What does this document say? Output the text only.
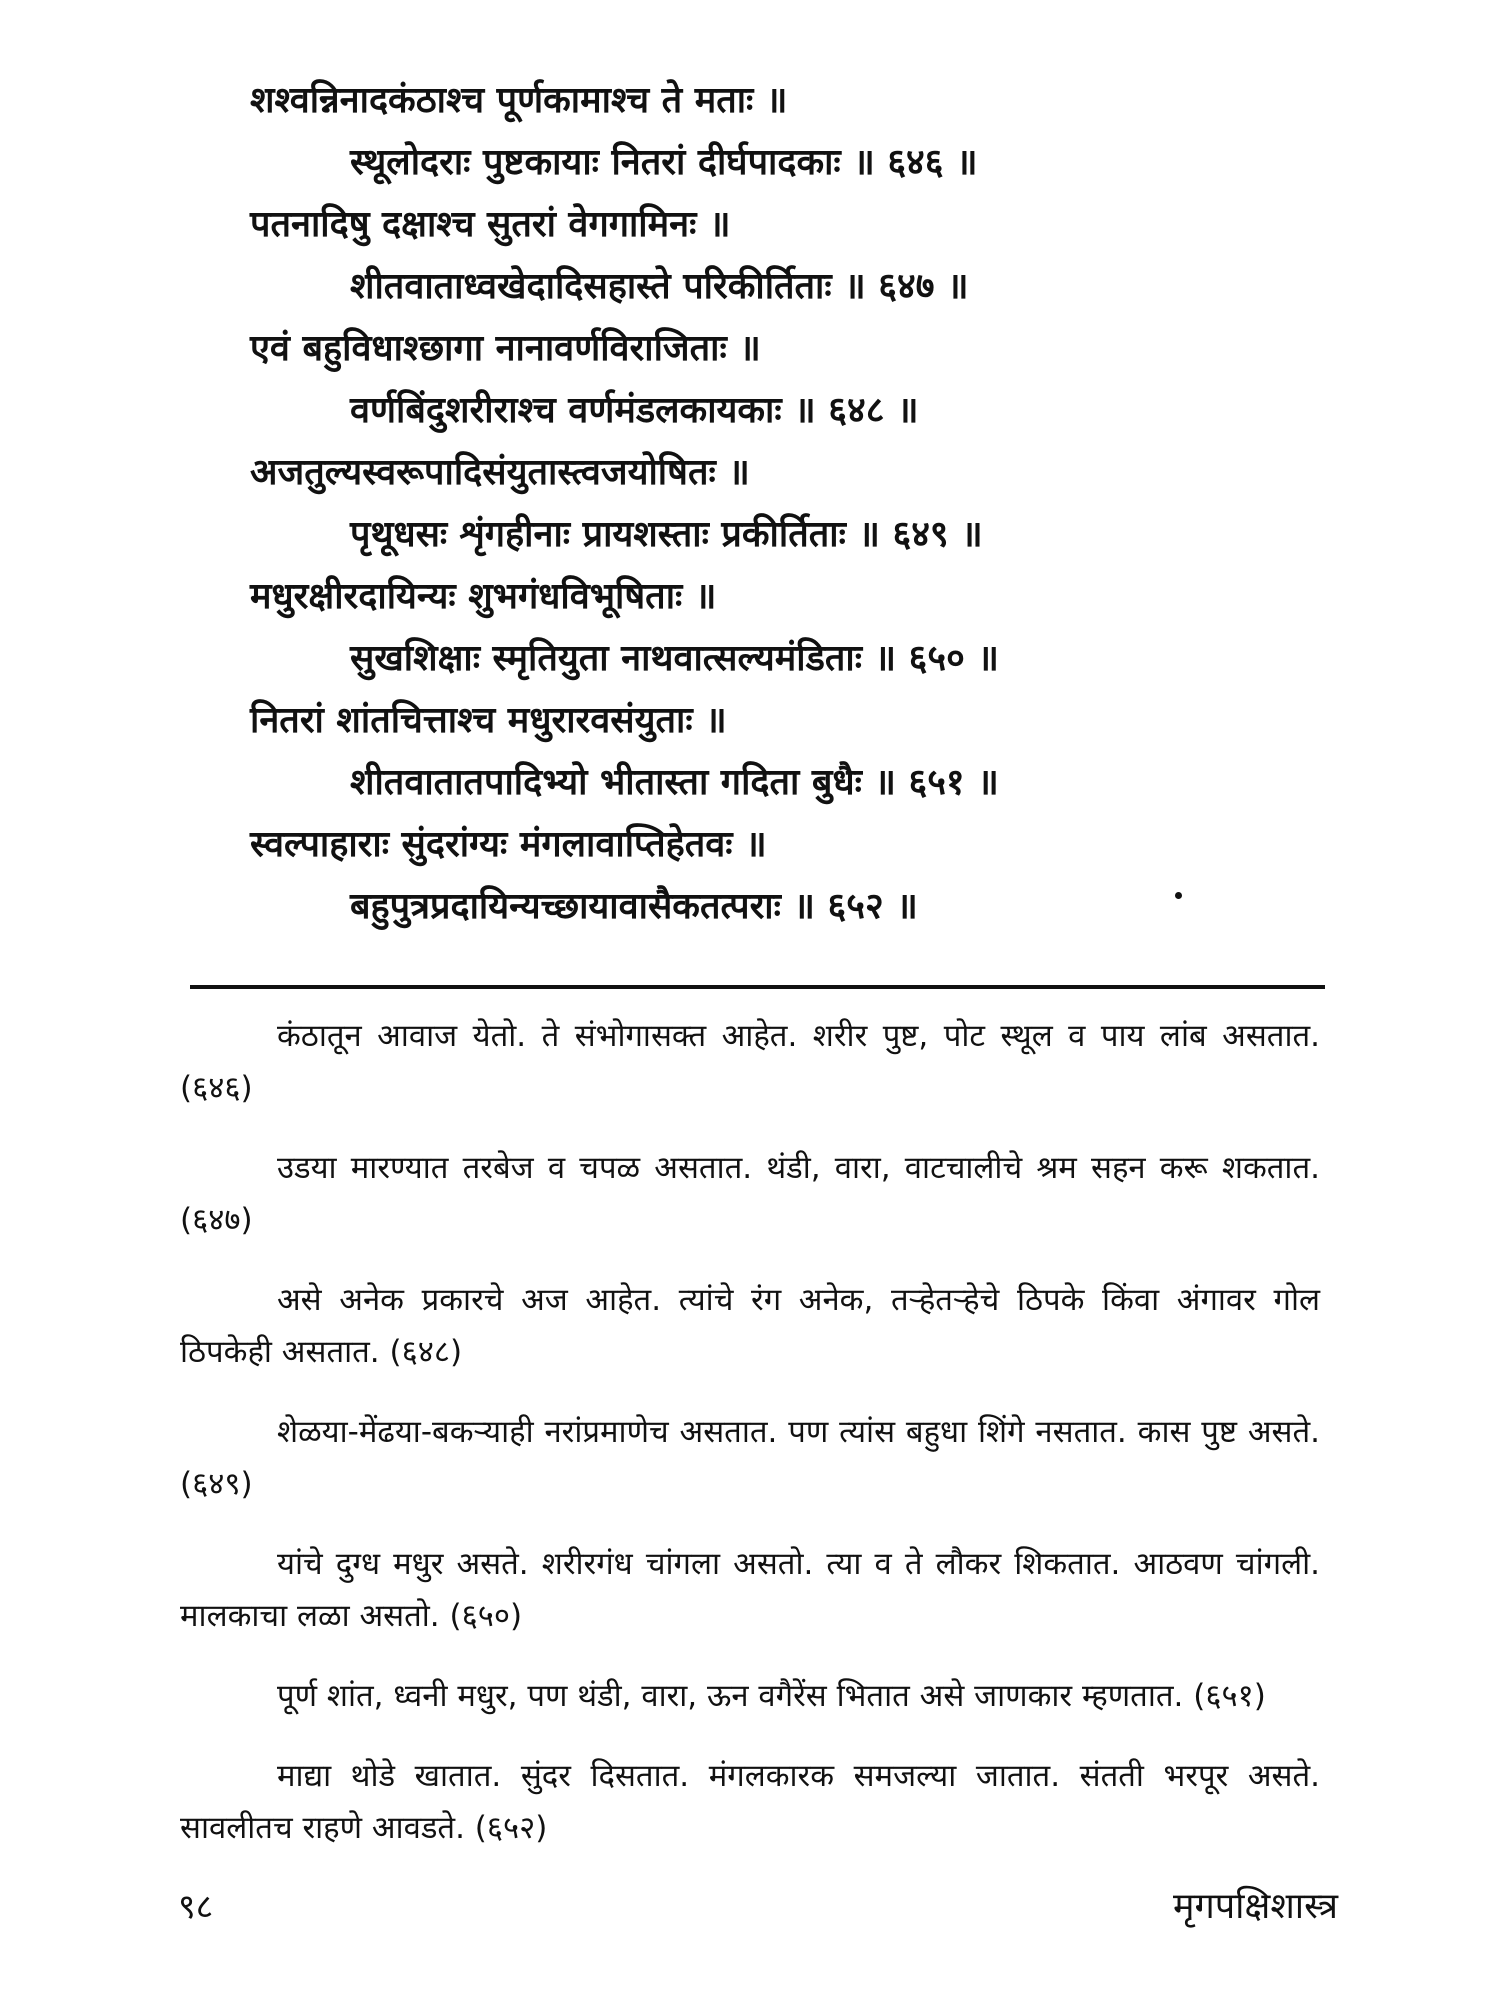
शश्वन्निनादकंठाश्च पूर्णकामाश्च ते मताः ॥
स्थूलोदराः पुष्टकायाः नितरां दीर्घपादकाः ॥ ६४६ ॥
पतनादिषु दक्षाश्च सुतरां वेगगामिनः ॥
शीतवाताध्वखेदादिसहास्ते परिकीर्तिताः ॥ ६४७ ॥
एवं बहुविधाश्छागा नानावर्णविराजिताः ॥
वर्णबिंदुशरीराश्च वर्णमंडलकायकाः ॥ ६४८ ॥
अजतुल्यस्वरूपादिसंयुतास्त्वजयोषितः ॥
पृथूधसः शृंगहीनाः प्रायशस्ताः प्रकीर्तिताः ॥ ६४९ ॥
मधुरक्षीरदायिन्यः शुभगंधविभूषिताः ॥
सुखशिक्षाः स्मृतियुता नाथवात्सल्यमंडिताः ॥ ६५० ॥
नितरां शांतचित्ताश्च मधुरारवसंयुताः ॥
शीतवातातपादिभ्यो भीतास्ता गदिता बुधैः ॥ ६५१ ॥
स्वल्पाहाराः सुंदरांग्यः मंगलावाप्तिहेतवः ॥
बहुपुत्रप्रदायिन्यच्छायावासैकतत्पराः ॥ ६५२ ॥

कंठातून आवाज येतो. ते संभोगासक्त आहेत. शरीर पुष्ट, पोट स्थूल व पाय लांब असतात. (६४६)

उडया मारण्यात तरबेज व चपळ असतात. थंडी, वारा, वाटचालीचे श्रम सहन करू शकतात. (६४७)

असे अनेक प्रकारचे अज आहेत. त्यांचे रंग अनेक, तऱ्हेतऱ्हेचे ठिपके किंवा अंगावर गोल ठिपकेही असतात. (६४८)

शेळया-मेंढया-बकऱ्याही नरांप्रमाणेच असतात. पण त्यांस बहुधा शिंगे नसतात. कास पुष्ट असते. (६४९)

यांचे दुग्ध मधुर असते. शरीरगंध चांगला असतो. त्या व ते लौकर शिकतात. आठवण चांगली. मालकाचा लळा असतो. (६५०)

पूर्ण शांत, ध्वनी मधुर, पण थंडी, वारा, ऊन वगैरेंस भितात असे जाणकार म्हणतात. (६५१)

माद्या थोडे खातात. सुंदर दिसतात. मंगलकारक समजल्या जातात. संतती भरपूर असते. सावलीतच राहणे आवडते. (६५२)

९८	मृगपक्षिशास्त्र
